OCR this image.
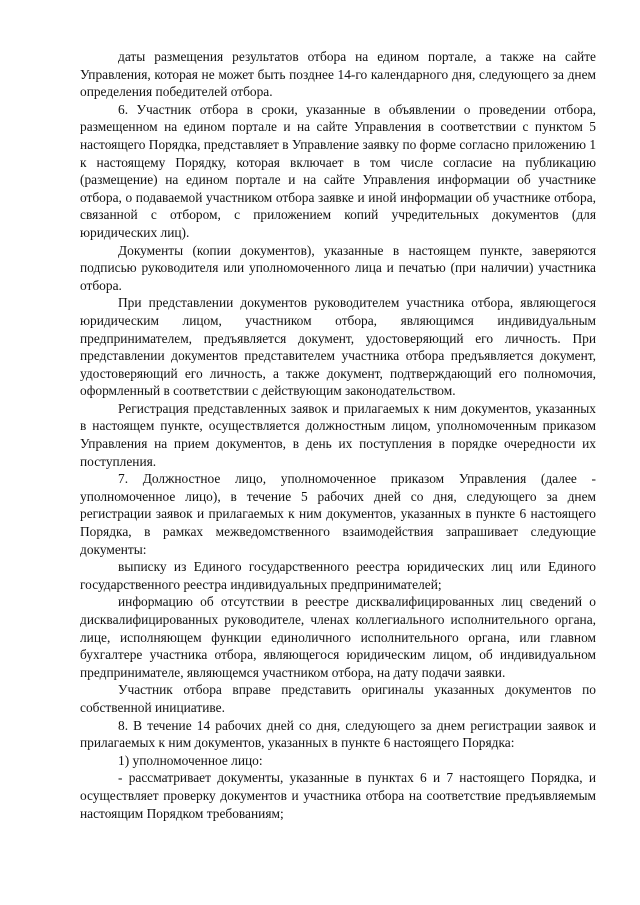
даты размещения результатов отбора на едином портале, а также на сайте Управления, которая не может быть позднее 14-го календарного дня, следующего за днем определения победителей отбора.

6. Участник отбора в сроки, указанные в объявлении о проведении отбора, размещенном на едином портале и на сайте Управления в соответствии с пунктом 5 настоящего Порядка, представляет в Управление заявку по форме согласно приложению 1 к настоящему Порядку, которая включает в том числе согласие на публикацию (размещение) на едином портале и на сайте Управления информации об участнике отбора, о подаваемой участником отбора заявке и иной информации об участнике отбора, связанной с отбором, с приложением копий учредительных документов (для юридических лиц).

Документы (копии документов), указанные в настоящем пункте, заверяются подписью руководителя или уполномоченного лица и печатью (при наличии) участника отбора.

При представлении документов руководителем участника отбора, являющегося юридическим лицом, участником отбора, являющимся индивидуальным предпринимателем, предъявляется документ, удостоверяющий его личность. При представлении документов представителем участника отбора предъявляется документ, удостоверяющий его личность, а также документ, подтверждающий его полномочия, оформленный в соответствии с действующим законодательством.

Регистрация представленных заявок и прилагаемых к ним документов, указанных в настоящем пункте, осуществляется должностным лицом, уполномоченным приказом Управления на прием документов, в день их поступления в порядке очередности их поступления.

7. Должностное лицо, уполномоченное приказом Управления (далее - уполномоченное лицо), в течение 5 рабочих дней со дня, следующего за днем регистрации заявок и прилагаемых к ним документов, указанных в пункте 6 настоящего Порядка, в рамках межведомственного взаимодействия запрашивает следующие документы:

выписку из Единого государственного реестра юридических лиц или Единого государственного реестра индивидуальных предпринимателей;

информацию об отсутствии в реестре дисквалифицированных лиц сведений о дисквалифицированных руководителе, членах коллегиального исполнительного органа, лице, исполняющем функции единоличного исполнительного органа, или главном бухгалтере участника отбора, являющегося юридическим лицом, об индивидуальном предпринимателе, являющемся участником отбора, на дату подачи заявки.

Участник отбора вправе представить оригиналы указанных документов по собственной инициативе.

8. В течение 14 рабочих дней со дня, следующего за днем регистрации заявок и прилагаемых к ним документов, указанных в пункте 6 настоящего Порядка:

1) уполномоченное лицо:

- рассматривает документы, указанные в пунктах 6 и 7 настоящего Порядка, и осуществляет проверку документов и участника отбора на соответствие предъявляемым настоящим Порядком требованиям;
